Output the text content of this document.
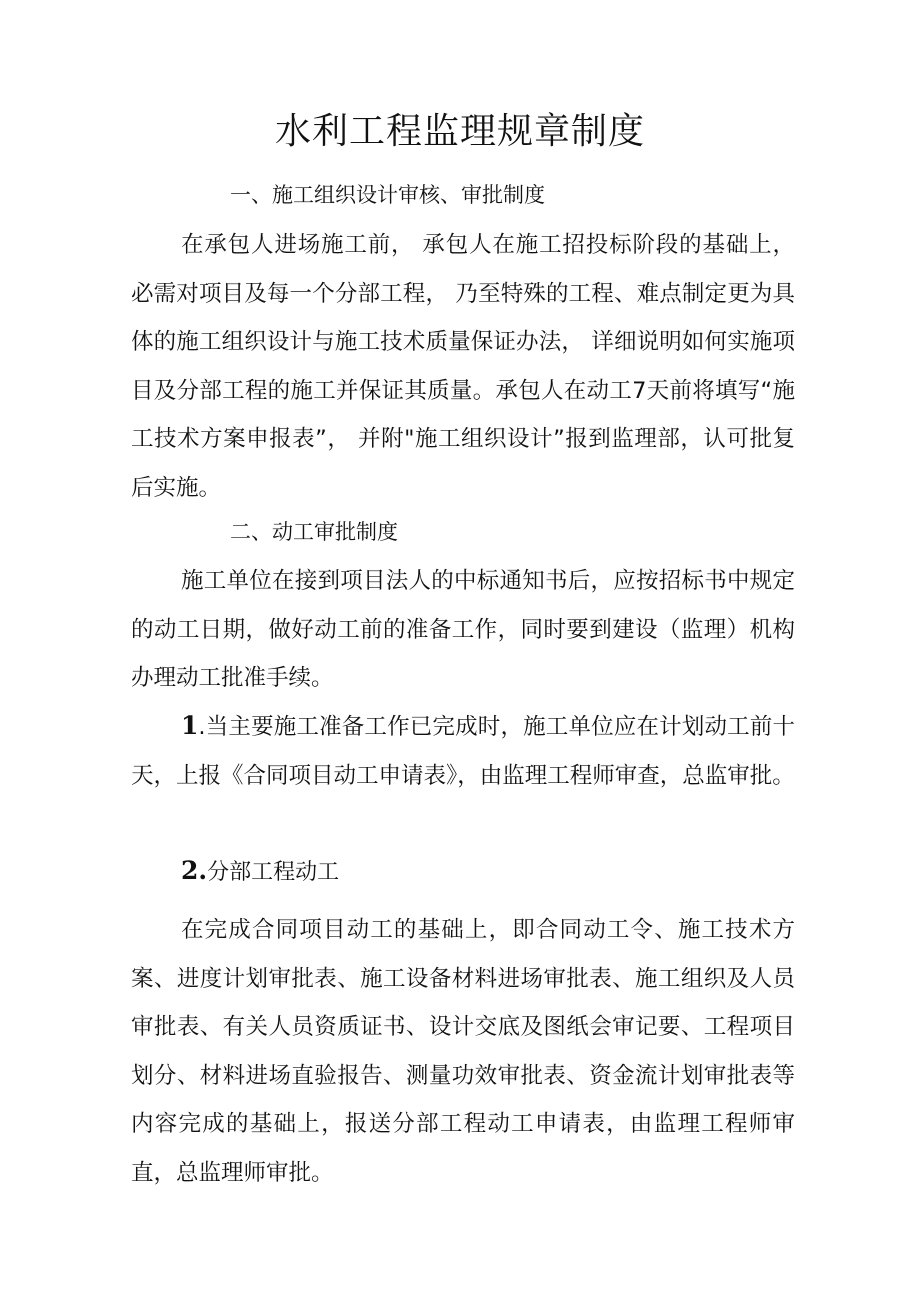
水利工程监理规章制度
一、施工组织设计审核、审批制度

在承包人进场施工前， 承包人在施工招投标阶段的基础上，必需对项目及每一个分部工程， 乃至特殊的工程、难点制定更为具体的施工组织设计与施工技术质量保证办法， 详细说明如何实施项目及分部工程的施工并保证其质量。承包人在动工7天前将填写“施工技术方案申报表”， 并附"施工组织设计”报到监理部，认可批复后实施。

二、动工审批制度

施工单位在接到项目法人的中标通知书后，应按招标书中规定的动工日期，做好动工前的准备工作，同时要到建设（监理）机构办理动工批准手续。

1.当主要施工准备工作已完成时，施工单位应在计划动工前十天，上报《合同项目动工申请表》，由监理工程师审查，总监审批。

2.分部工程动工

在完成合同项目动工的基础上，即合同动工令、施工技术方案、进度计划审批表、施工设备材料进场审批表、施工组织及人员审批表、有关人员资质证书、设计交底及图纸会审记要、工程项目划分、材料进场直验报告、测量功效审批表、资金流计划审批表等内容完成的基础上，报送分部工程动工申请表，由监理工程师审直，总监理师审批。
